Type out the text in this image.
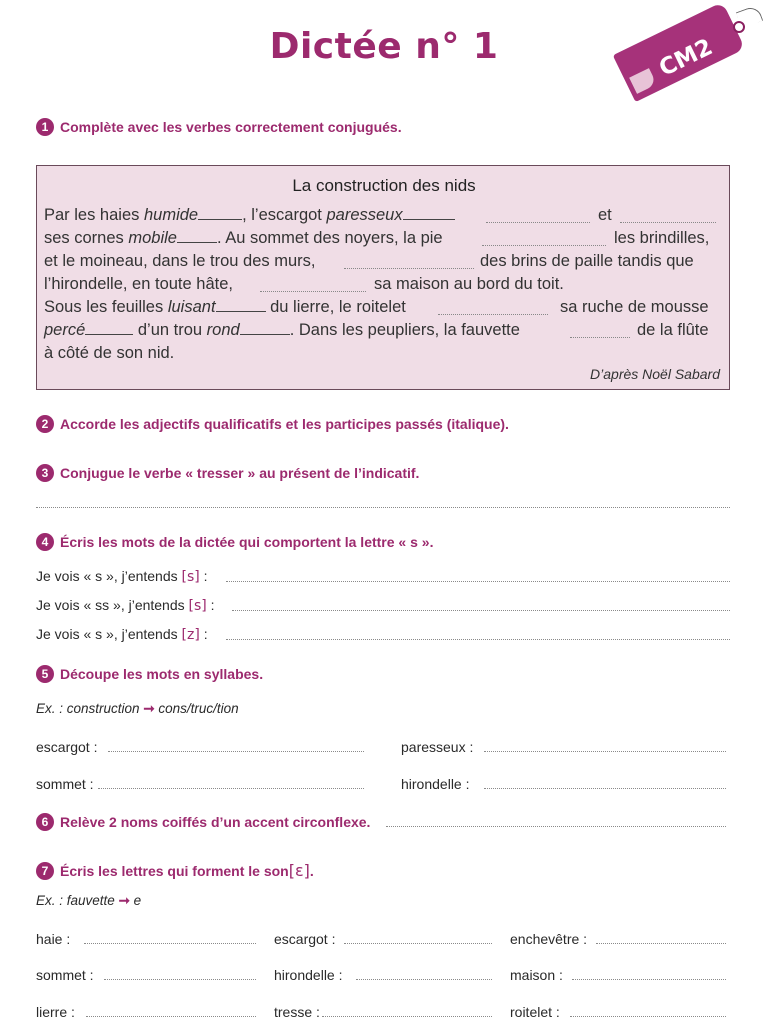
Dictée n° 1	CM2
1 Complète avec les verbes correctement conjugués.
La construction des nids
Par les haies humide	, l’escargot paresseux	et
ses cornes mobile . Au sommet des noyers, la pie	les brindilles,
et le moineau, dans le trou des murs,	des brins de paille tandis que
l’hirondelle, en toute hâte,	sa maison au bord du toit.
Sous les feuilles luisant	du lierre, le roitelet	sa ruche de mousse
percé	d’un trou rond	. Dans les peupliers, la fauvette	de la flûte
à côté de son nid.
D’après Noël Sabard
2 Accorde les adjectifs qualificatifs et les participes passés (italique).
3 Conjugue le verbe « tresser » au présent de l’indicatif.
4 Écris les mots de la dictée qui comportent la lettre « s ».
Je vois « s », j’entends [s] :
Je vois « ss », j’entends [s] :
Je vois « s », j’entends [z] :
5 Découpe les mots en syllabes.
Ex. : construction ➞ cons/truc/tion
escargot :	paresseux :
sommet :	hirondelle :
6 Relève 2 noms coiffés d’un accent circonflexe.
7 Écris les lettres qui forment le son [ɛ] .
Ex. : fauvette ➞ e
haie :	escargot :	enchevêtre :
sommet :	hirondelle :	maison :
lierre :	tresse :	roitelet :
